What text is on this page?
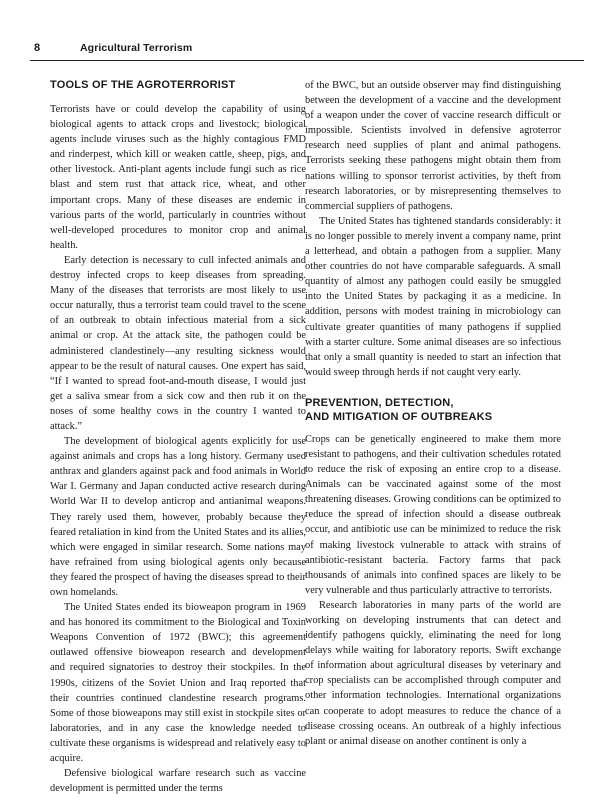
8	Agricultural Terrorism
TOOLS OF THE AGROTERRORIST

Terrorists have or could develop the capability of using biological agents to attack crops and livestock; biological agents include viruses such as the highly contagious FMD and rinderpest, which kill or weaken cattle, sheep, pigs, and other livestock. Anti-plant agents include fungi such as rice blast and stem rust that attack rice, wheat, and other important crops. Many of these diseases are endemic in various parts of the world, particularly in countries without well-developed procedures to monitor crop and animal health.

Early detection is necessary to cull infected animals and destroy infected crops to keep diseases from spreading. Many of the diseases that terrorists are most likely to use occur naturally, thus a terrorist team could travel to the scene of an outbreak to obtain infectious material from a sick animal or crop. At the attack site, the pathogen could be administered clandestinely—any resulting sickness would appear to be the result of natural causes. One expert has said, “If I wanted to spread foot-and-mouth disease, I would just get a saliva smear from a sick cow and then rub it on the noses of some healthy cows in the country I wanted to attack.”

The development of biological agents explicitly for use against animals and crops has a long history. Germany used anthrax and glanders against pack and food animals in World War I. Germany and Japan conducted active research during World War II to develop anticrop and antianimal weapons. They rarely used them, however, probably because they feared retaliation in kind from the United States and its allies, which were engaged in similar research. Some nations may have refrained from using biological agents only because they feared the prospect of having the diseases spread to their own homelands.

The United States ended its bioweapon program in 1969 and has honored its commitment to the Biological and Toxin Weapons Convention of 1972 (BWC); this agreement outlawed offensive bioweapon research and development and required signatories to destroy their stockpiles. In the 1990s, citizens of the Soviet Union and Iraq reported that their countries continued clandestine research programs. Some of those bioweapons may still exist in stockpile sites or laboratories, and in any case the knowledge needed to cultivate these organisms is widespread and relatively easy to acquire.

Defensive biological warfare research such as vaccine development is permitted under the terms

of the BWC, but an outside observer may find distinguishing between the development of a vaccine and the development of a weapon under the cover of vaccine research difficult or impossible. Scientists involved in defensive agroterror research need supplies of plant and animal pathogens. Terrorists seeking these pathogens might obtain them from nations willing to sponsor terrorist activities, by theft from research laboratories, or by misrepresenting themselves to commercial suppliers of pathogens.

The United States has tightened standards considerably: it is no longer possible to merely invent a company name, print a letterhead, and obtain a pathogen from a supplier. Many other countries do not have comparable safeguards. A small quantity of almost any pathogen could easily be smuggled into the United States by packaging it as a medicine. In addition, persons with modest training in microbiology can cultivate greater quantities of many pathogens if supplied with a starter culture. Some animal diseases are so infectious that only a small quantity is needed to start an infection that would sweep through herds if not caught very early.

PREVENTION, DETECTION,
AND MITIGATION OF OUTBREAKS

Crops can be genetically engineered to make them more resistant to pathogens, and their cultivation schedules rotated to reduce the risk of exposing an entire crop to a disease. Animals can be vaccinated against some of the most threatening diseases. Growing conditions can be optimized to reduce the spread of infection should a disease outbreak occur, and antibiotic use can be minimized to reduce the risk of making livestock vulnerable to attack with strains of antibiotic-resistant bacteria. Factory farms that pack thousands of animals into confined spaces are likely to be very vulnerable and thus particularly attractive to terrorists.

Research laboratories in many parts of the world are working on developing instruments that can detect and identify pathogens quickly, eliminating the need for long delays while waiting for laboratory reports. Swift exchange of information about agricultural diseases by veterinary and crop specialists can be accomplished through computer and other information technologies. International organizations can cooperate to adopt measures to reduce the chance of a disease crossing oceans. An outbreak of a highly infectious plant or animal disease on another continent is only a
